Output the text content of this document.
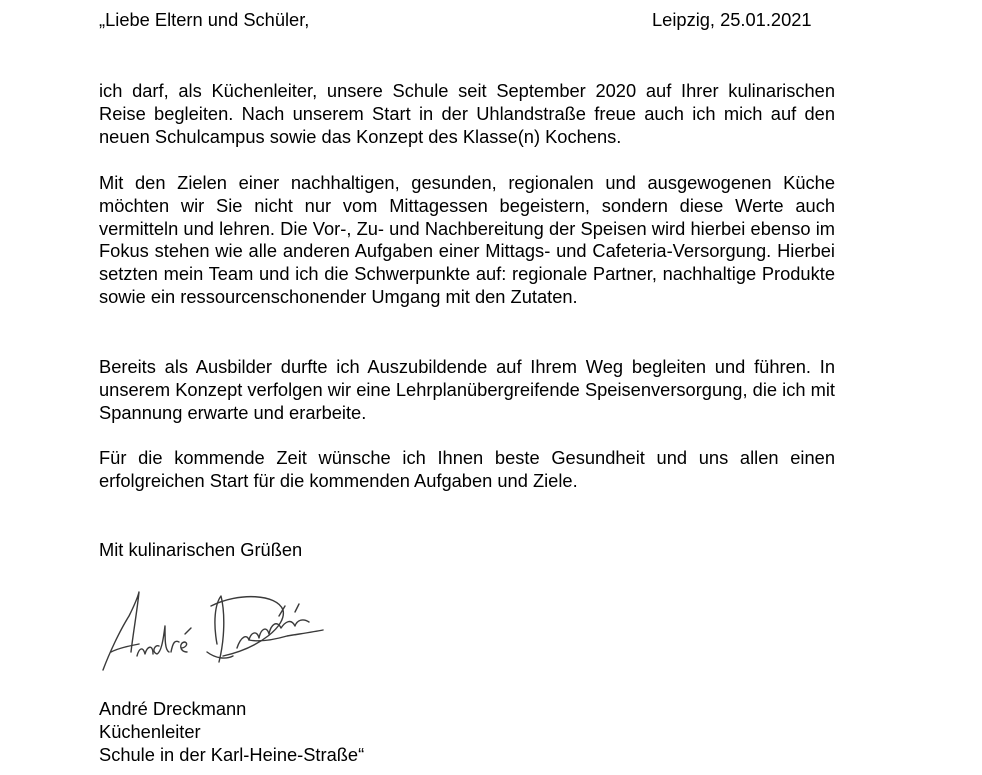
„Liebe Eltern und Schüler,	Leipzig, 25.01.2021

ich darf, als Küchenleiter, unsere Schule seit September 2020 auf Ihrer kulinarischen Reise begleiten. Nach unserem Start in der Uhlandstraße freue auch ich mich auf den neuen Schulcampus sowie das Konzept des Klasse(n) Kochens.

Mit den Zielen einer nachhaltigen, gesunden, regionalen und ausgewogenen Küche möchten wir Sie nicht nur vom Mittagessen begeistern, sondern diese Werte auch vermitteln und lehren. Die Vor-, Zu- und Nachbereitung der Speisen wird hierbei ebenso im Fokus stehen wie alle anderen Aufgaben einer Mittags- und Cafeteria-Versorgung. Hierbei setzten mein Team und ich die Schwerpunkte auf: regionale Partner, nachhaltige Produkte sowie ein ressourcenschonender Umgang mit den Zutaten.

Bereits als Ausbilder durfte ich Auszubildende auf Ihrem Weg begleiten und führen. In unserem Konzept verfolgen wir eine Lehrplanübergreifende Speisenversorgung, die ich mit Spannung erwarte und erarbeite.

Für die kommende Zeit wünsche ich Ihnen beste Gesundheit und uns allen einen erfolgreichen Start für die kommenden Aufgaben und Ziele.

Mit kulinarischen Grüßen
André Dreckmann
Küchenleiter
Schule in der Karl-Heine-Straße“
